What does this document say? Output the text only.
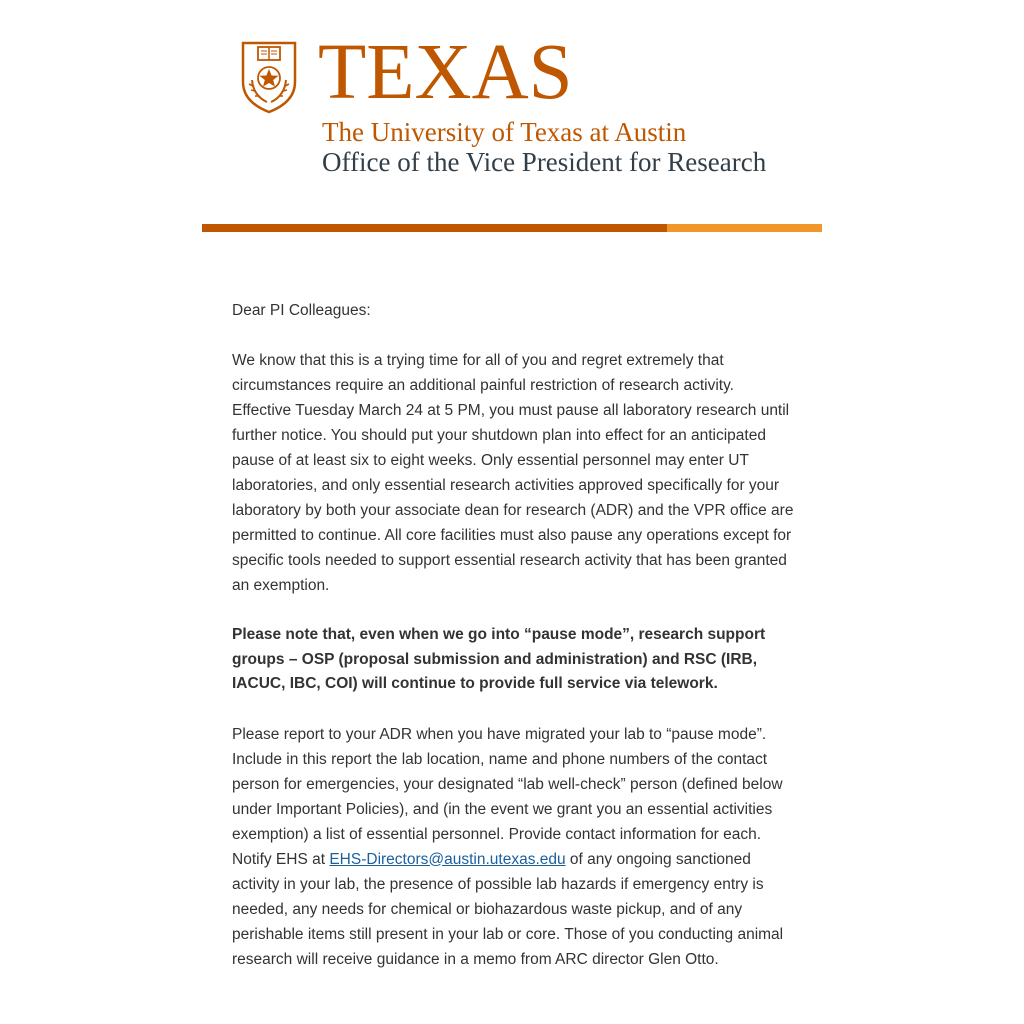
TEXAS
The University of Texas at Austin
Office of the Vice President for Research

Dear PI Colleagues:

We know that this is a trying time for all of you and regret extremely that circumstances require an additional painful restriction of research activity. Effective Tuesday March 24 at 5 PM, you must pause all laboratory research until further notice. You should put your shutdown plan into effect for an anticipated pause of at least six to eight weeks. Only essential personnel may enter UT laboratories, and only essential research activities approved specifically for your laboratory by both your associate dean for research (ADR) and the VPR office are permitted to continue. All core facilities must also pause any operations except for specific tools needed to support essential research activity that has been granted an exemption.

Please note that, even when we go into “pause mode”, research support groups – OSP (proposal submission and administration) and RSC (IRB, IACUC, IBC, COI) will continue to provide full service via telework.

Please report to your ADR when you have migrated your lab to “pause mode”. Include in this report the lab location, name and phone numbers of the contact person for emergencies, your designated “lab well-check” person (defined below under Important Policies), and (in the event we grant you an essential activities exemption) a list of essential personnel. Provide contact information for each. Notify EHS at EHS-Directors@austin.utexas.edu of any ongoing sanctioned activity in your lab, the presence of possible lab hazards if emergency entry is needed, any needs for chemical or biohazardous waste pickup, and of any perishable items still present in your lab or core. Those of you conducting animal research will receive guidance in a memo from ARC director Glen Otto.
